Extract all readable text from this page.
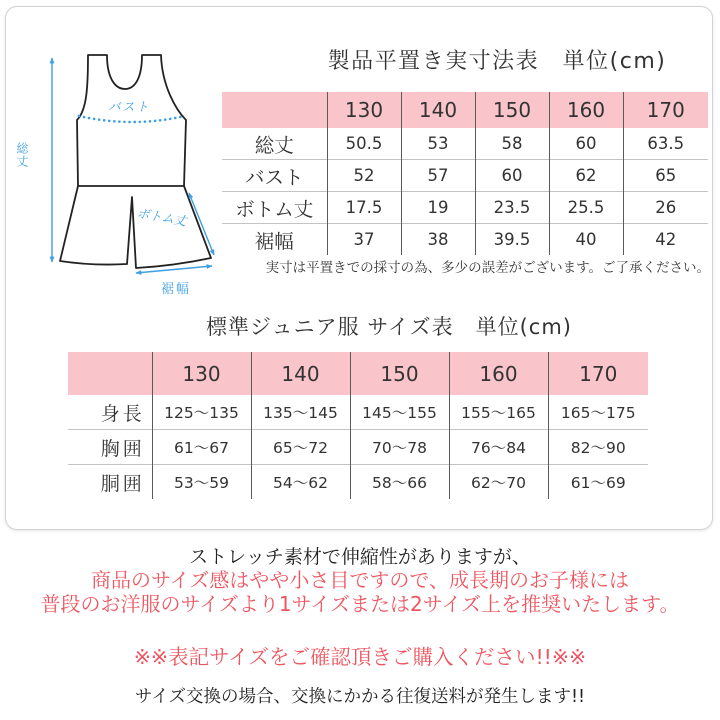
総丈
バスト
ボトム丈
裾幅
製品平置き実寸法表　単位(cm)
	130	140	150	160	170
総丈	50.5	53	58	60	63.5
バスト	52	57	60	62	65
ボトム丈	17.5	19	23.5	25.5	26
裾幅	37	38	39.5	40	42
実寸は平置きでの採寸の為、多少の誤差がございます。ご了承ください。
標準ジュニア服 サイズ表　単位(cm)
	130	140	150	160	170
身長	125～135	135～145	145～155	155～165	165～175
胸囲	61～67	65～72	70～78	76～84	82～90
胴囲	53～59	54～62	58～66	62～70	61～69
ストレッチ素材で伸縮性がありますが、
商品のサイズ感はやや小さ目ですので、成長期のお子様には
普段のお洋服のサイズより1サイズまたは2サイズ上を推奨いたします。
※※表記サイズをご確認頂きご購入ください!!※※
サイズ交換の場合、交換にかかる往復送料が発生します!!
